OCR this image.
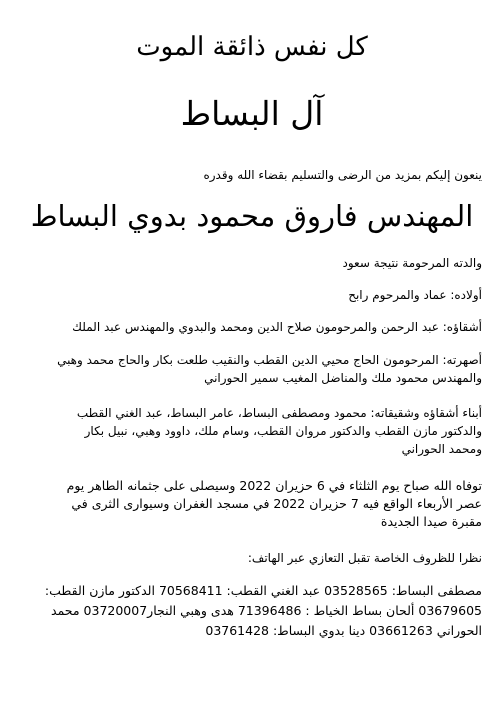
كل نفس ذائقة الموت
آل البساط
ينعون إليكم بمزيد من الرضى والتسليم بقضاء الله وقدره
المهندس فاروق محمود بدوي البساط
والدته المرحومة نتيجة سعود
أولاده: عماد والمرحوم رابح
أشقاؤه: عبد الرحمن والمرحومون صلاح الدين ومحمد والبدوي والمهندس عبد الملك
أصهرته: المرحومون الحاج محيي الدين القطب والنقيب طلعت بكار والحاج محمد وهبي
والمهندس محمود ملك والمناضل المغيب سمير الحوراني
أبناء أشقاؤه وشقيقاته: محمود ومصطفى البساط، عامر البساط، عبد الغني القطب
والدكتور مازن القطب والدكتور مروان القطب، وسام ملك، داوود وهبي، نبيل بكار
ومحمد الحوراني
توفاه الله صباح يوم الثلثاء في 6 حزيران 2022 وسيصلى على جثمانه الطاهر يوم
عصر الأربعاء الواقع فيه 7 حزيران 2022 في مسجد الغفران وسيوارى الثرى في
مقبرة صيدا الجديدة
نظرا للظروف الخاصة تقبل التعازي عبر الهاتف:
مصطفى البساط: 03528565 عبد الغني القطب: 70568411 الدكتور مازن القطب:
03679605 ألحان بساط الخياط : 71396486 هدى وهبي النجار03720007 محمد
الحوراني 03661263 دينا بدوي البساط: 03761428
